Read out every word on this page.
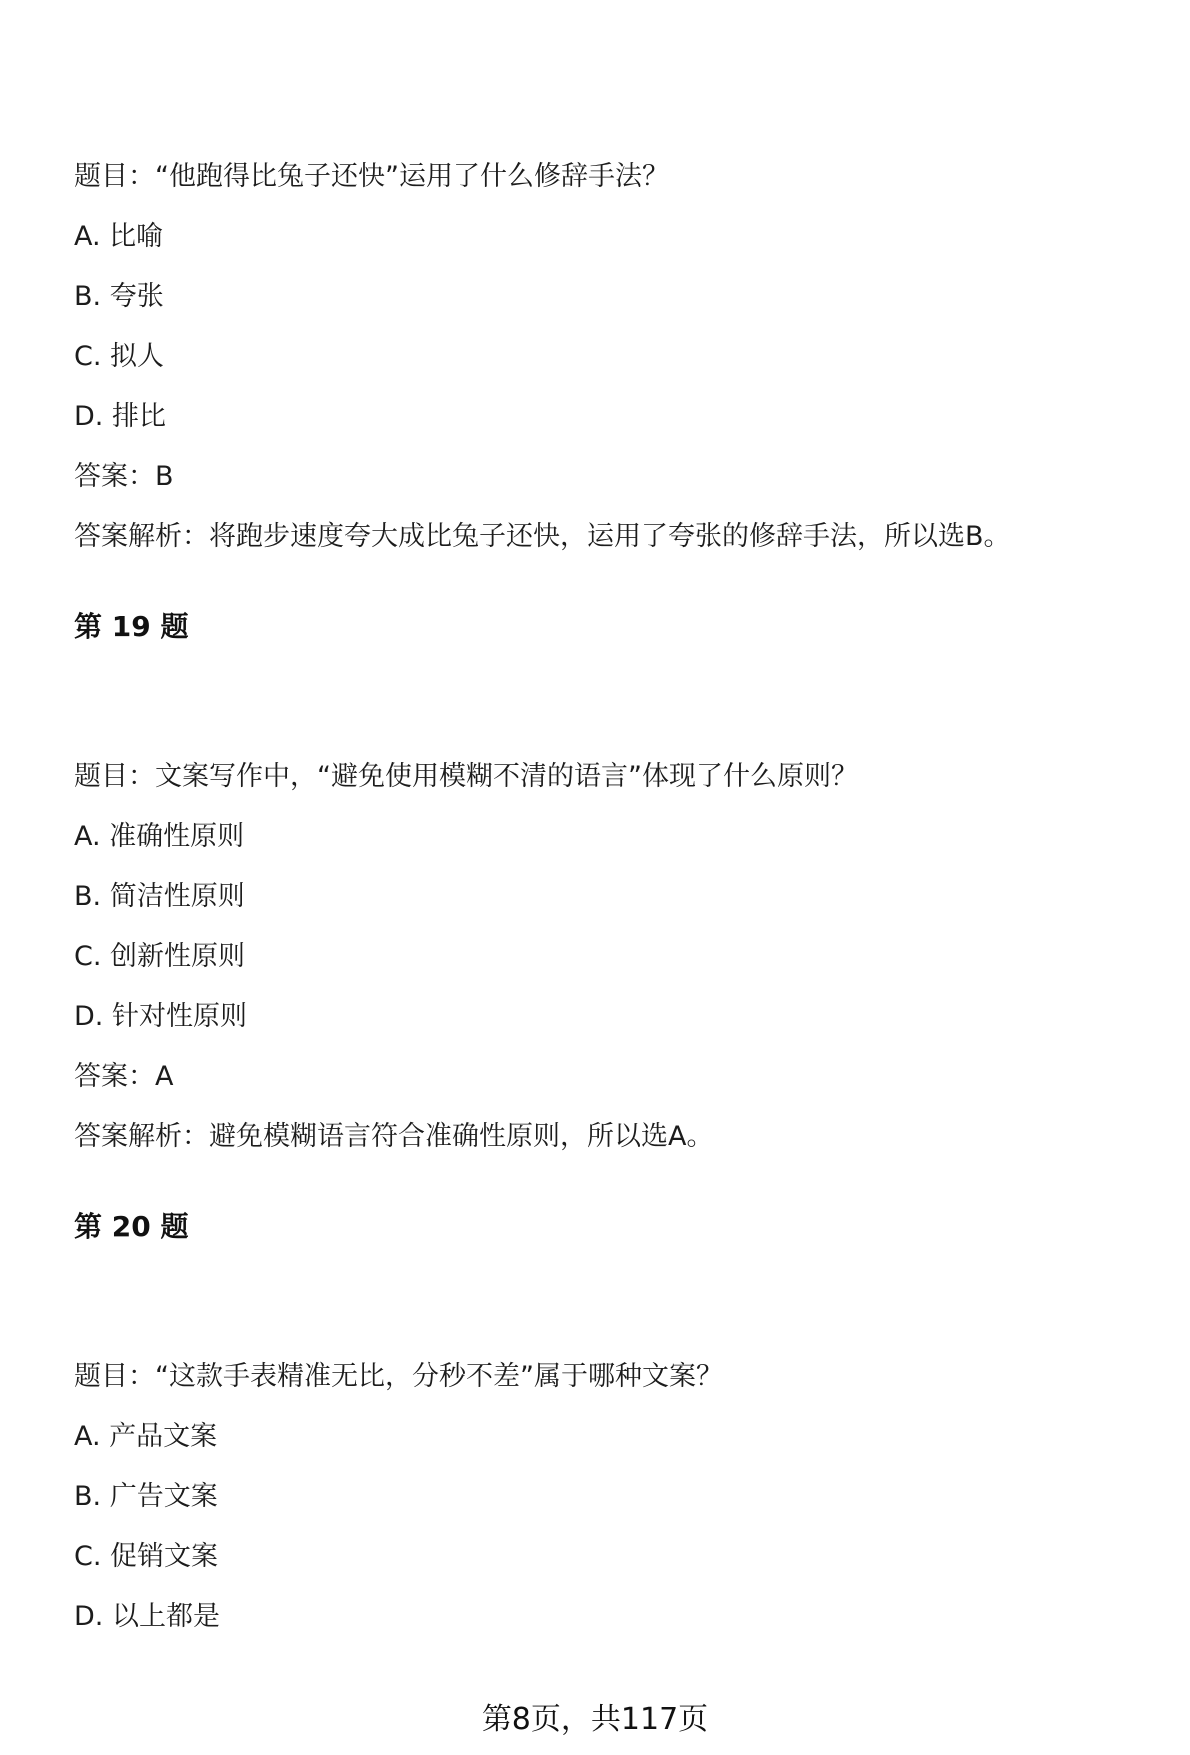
题目：“他跑得比兔子还快”运用了什么修辞手法？
A. 比喻
B. 夸张
C. 拟人
D. 排比
答案：B
答案解析：将跑步速度夸大成比兔子还快，运用了夸张的修辞手法，所以选B。
第 19 题
题目：文案写作中，“避免使用模糊不清的语言”体现了什么原则？
A. 准确性原则
B. 简洁性原则
C. 创新性原则
D. 针对性原则
答案：A
答案解析：避免模糊语言符合准确性原则，所以选A。
第 20 题
题目：“这款手表精准无比，分秒不差”属于哪种文案？
A. 产品文案
B. 广告文案
C. 促销文案
D. 以上都是
第8页，共117页
